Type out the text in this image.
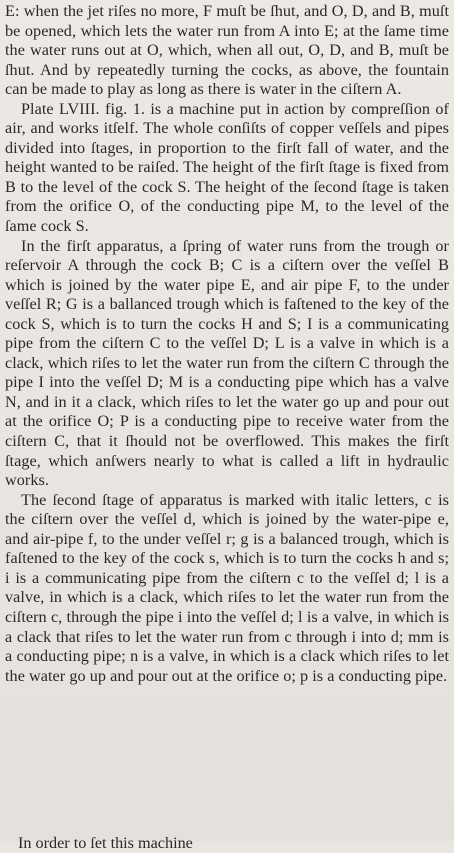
E: when the jet riſes no more, F muſt be ſhut, and O, D, and B, muſt be opened, which lets the water run from A into E; at the ſame time the water runs out at O, which, when all out, O, D, and B, muſt be ſhut. And by repeatedly turning the cocks, as above, the fountain can be made to play as long as there is water in the ciſtern A.

Plate LVIII. fig. 1. is a machine put in action by compreſſion of air, and works itſelf. The whole conſiſts of copper veſſels and pipes divided into ſtages, in proportion to the firſt fall of water, and the height wanted to be raiſed. The height of the firſt ſtage is fixed from B to the level of the cock S. The height of the ſecond ſtage is taken from the orifice O, of the conducting pipe M, to the level of the ſame cock S.

In the firſt apparatus, a ſpring of water runs from the trough or reſervoir A through the cock B; C is a ciſtern over the veſſel B which is joined by the water pipe E, and air pipe F, to the under veſſel R; G is a ballanced trough which is faſtened to the key of the cock S, which is to turn the cocks H and S; I is a communicating pipe from the ciſtern C to the veſſel D; L is a valve in which is a clack, which riſes to let the water run from the ciſtern C through the pipe I into the veſſel D; M is a conducting pipe which has a valve N, and in it a clack, which riſes to let the water go up and pour out at the orifice O; P is a conducting pipe to receive water from the ciſtern C, that it ſhould not be overflowed. This makes the firſt ſtage, which anſwers nearly to what is called a lift in hydraulic works.

The ſecond ſtage of apparatus is marked with italic letters, c is the ciſtern over the veſſel d, which is joined by the water-pipe e, and air-pipe f, to the under veſſel r; g is a balanced trough, which is faſtened to the key of the cock s, which is to turn the cocks h and s; i is a communicating pipe from the ciſtern c to the veſſel d; l is a valve, in which is a clack, which riſes to let the water run from the ciſtern c, through the pipe i into the veſſel d; l is a valve, in which is a clack that riſes to let the water run from c through i into d; mm is a conducting pipe; n is a valve, in which is a clack which riſes to let the water go up and pour out at the orifice o; p is a conducting pipe.

In order to ſet this machine
